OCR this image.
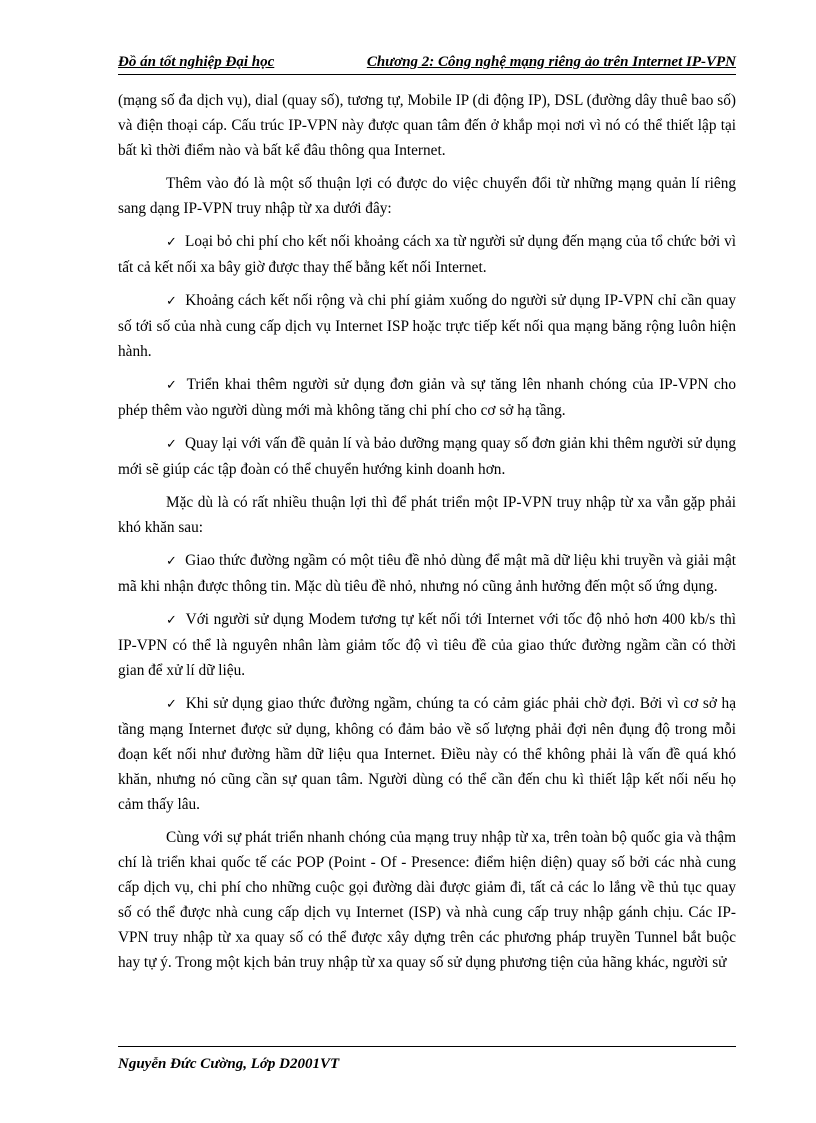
Đồ án tốt nghiệp Đại học	Chương 2: Công nghệ mạng riêng ảo trên Internet IP-VPN

(mạng số đa dịch vụ), dial (quay số), tương tự, Mobile IP (di động IP), DSL (đường dây thuê bao số) và điện thoại cáp. Cấu trúc IP-VPN này được quan tâm đến ở khắp mọi nơi vì nó có thể thiết lập tại bất kì thời điểm nào và bất kể đâu thông qua Internet.

Thêm vào đó là một số thuận lợi có được do việc chuyển đổi từ những mạng quản lí riêng sang dạng IP-VPN truy nhập từ xa dưới đây:

✓ Loại bỏ chi phí cho kết nối khoảng cách xa từ người sử dụng đến mạng của tổ chức bởi vì tất cả kết nối xa bây giờ được thay thế bằng kết nối Internet.

✓ Khoảng cách kết nối rộng và chi phí giảm xuống do người sử dụng IP-VPN chỉ cần quay số tới số của nhà cung cấp dịch vụ Internet ISP hoặc trực tiếp kết nối qua mạng băng rộng luôn hiện hành.

✓ Triển khai thêm người sử dụng đơn giản và sự tăng lên nhanh chóng của IP-VPN cho phép thêm vào người dùng mới mà không tăng chi phí cho cơ sở hạ tầng.

✓ Quay lại với vấn đề quản lí và bảo dưỡng mạng quay số đơn giản khi thêm người sử dụng mới sẽ giúp các tập đoàn có thể chuyển hướng kinh doanh hơn.

Mặc dù là có rất nhiều thuận lợi thì để phát triển một IP-VPN truy nhập từ xa vẫn gặp phải khó khăn sau:

✓ Giao thức đường ngầm có một tiêu đề nhỏ dùng để mật mã dữ liệu khi truyền và giải mật mã khi nhận được thông tin. Mặc dù tiêu đề nhỏ, nhưng nó cũng ảnh hưởng đến một số ứng dụng.

✓ Với người sử dụng Modem tương tự kết nối tới Internet với tốc độ nhỏ hơn 400 kb/s thì IP-VPN có thể là nguyên nhân làm giảm tốc độ vì tiêu đề của giao thức đường ngầm cần có thời gian để xử lí dữ liệu.

✓ Khi sử dụng giao thức đường ngầm, chúng ta có cảm giác phải chờ đợi. Bởi vì cơ sở hạ tầng mạng Internet được sử dụng, không có đảm bảo về số lượng phải đợi nên đụng độ trong mỗi đoạn kết nối như đường hầm dữ liệu qua Internet. Điều này có thể không phải là vấn đề quá khó khăn, nhưng nó cũng cần sự quan tâm. Người dùng có thể cần đến chu kì thiết lập kết nối nếu họ cảm thấy lâu.

Cùng với sự phát triển nhanh chóng của mạng truy nhập từ xa, trên toàn bộ quốc gia và thậm chí là triển khai quốc tế các POP (Point - Of - Presence: điểm hiện diện) quay số bởi các nhà cung cấp dịch vụ, chi phí cho những cuộc gọi đường dài được giảm đi, tất cả các lo lắng về thủ tục quay số có thể được nhà cung cấp dịch vụ Internet (ISP) và nhà cung cấp truy nhập gánh chịu. Các IP-VPN truy nhập từ xa quay số có thể được xây dựng trên các phương pháp truyền Tunnel bắt buộc hay tự ý. Trong một kịch bản truy nhập từ xa quay số sử dụng phương tiện của hãng khác, người sử

Nguyễn Đức Cường, Lớp D2001VT
